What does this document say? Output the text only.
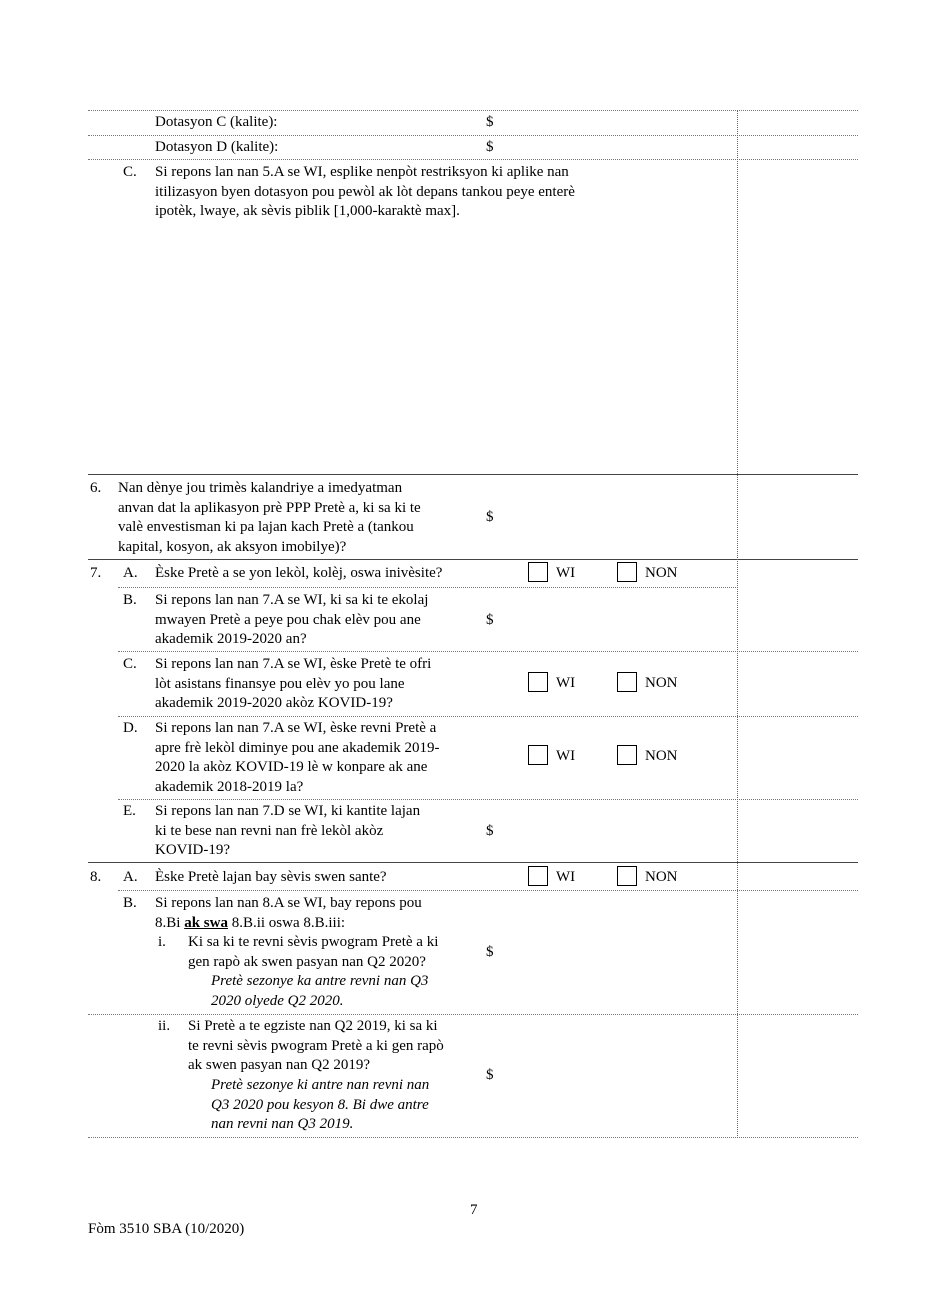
Dotasyon C (kalite):	$
Dotasyon D (kalite):	$
C. Si repons lan nan 5.A se WI, esplike nenpòt restriksyon ki aplike nan
itilizasyon byen dotasyon pou pewòl ak lòt depans tankou peye enterè
ipotèk, lwaye, ak sèvis piblik [1,000-karaktè max].
6. Nan dènye jou trimès kalandriye a imedyatman
anvan dat la aplikasyon prè PPP Pretè a, ki sa ki te
valè envestisman ki pa lajan kach Pretè a (tankou
kapital, kosyon, ak aksyon imobilye)?
$
7. A. Èske Pretè a se yon lekòl, kolèj, oswa inivèsite?	WI	NON
B. Si repons lan nan 7.A se WI, ki sa ki te ekolaj
mwayen Pretè a peye pou chak elèv pou ane
akademik 2019-2020 an?
$
C. Si repons lan nan 7.A se WI, èske Pretè te ofri
lòt asistans finansye pou elèv yo pou lane
akademik 2019-2020 akòz KOVID-19?
WI	NON
D. Si repons lan nan 7.A se WI, èske revni Pretè a
apre frè lekòl diminye pou ane akademik 2019-
2020 la akòz KOVID-19 lè w konpare ak ane
akademik 2018-2019 la?
WI	NON
E. Si repons lan nan 7.D se WI, ki kantite lajan
ki te bese nan revni nan frè lekòl akòz
KOVID-19?
$
8. A. Èske Pretè lajan bay sèvis swen sante?	WI	NON
B. Si repons lan nan 8.A se WI, bay repons pou
8.Bi ak swa 8.B.ii oswa 8.B.iii:
i. Ki sa ki te revni sèvis pwogram Pretè a ki
gen rapò ak swen pasyan nan Q2 2020?
Pretè sezonye ka antre revni nan Q3
2020 olyede Q2 2020.
$
ii. Si Pretè a te egziste nan Q2 2019, ki sa ki
te revni sèvis pwogram Pretè a ki gen rapò
ak swen pasyan nan Q2 2019?
Pretè sezonye ki antre nan revni nan
Q3 2020 pou kesyon 8. Bi dwe antre
nan revni nan Q3 2019.
$
7
Fòm 3510 SBA (10/2020)
